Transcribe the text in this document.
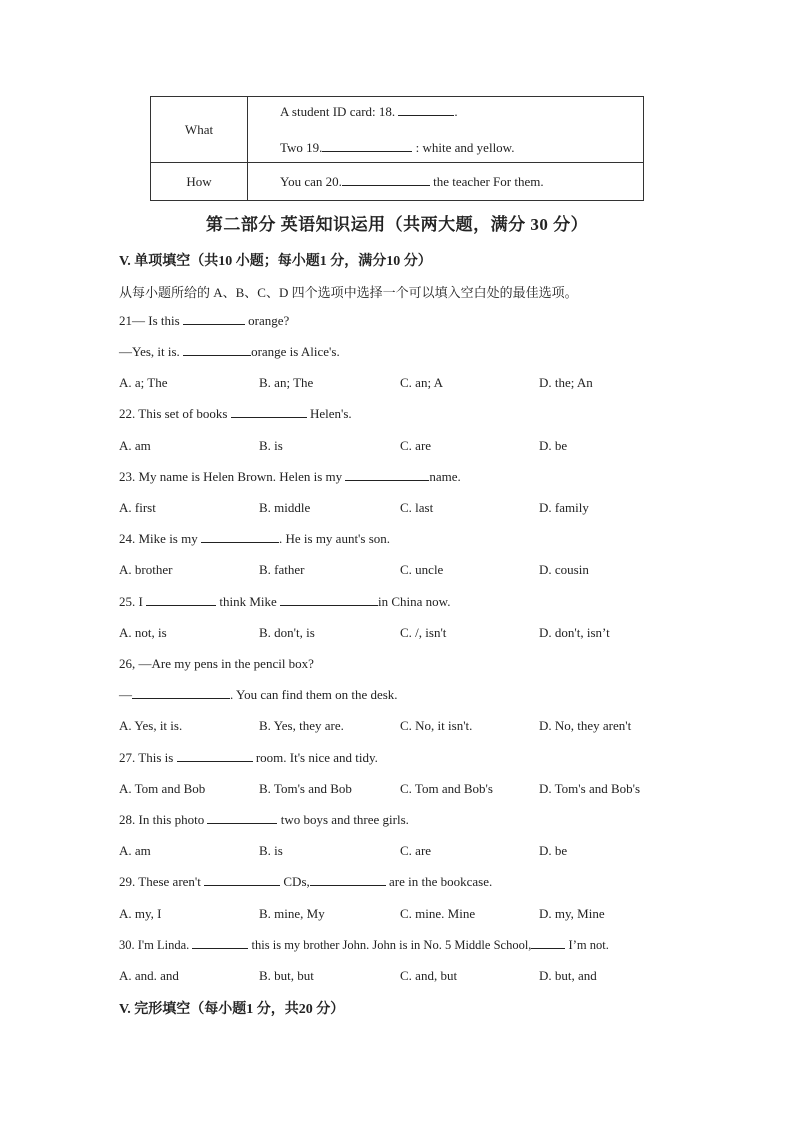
What	A student ID card: 18. .
Two 19. : white and yellow.

How	You can 20. the teacher For them.
第二部分 英语知识运用（共两大题，满分 30 分）
V. 单项填空（共10 小题；每小题1 分，满分10 分）
从每小题所给的 A、B、C、D 四个选项中选择一个可以填入空白处的最佳选项。
21— Is this	orange?
—Yes, it is.	orange is Alice's.
A. a; The	B. an; The	C. an; A	D. the; An
22. This set of books	Helen's.
A. am	B. is	C. are	D. be
23. My name is Helen Brown. Helen is my	name.
A. first	B. middle	C. last	D. family
24. Mike is my	. He is my aunt's son.
A. brother	B. father	C. uncle	D. cousin
25. I	think Mike	in China now.
A. not, is	B. don't, is	C. /, isn't	D. don't, isn’t
26, —Are my pens in the pencil box?
—	. You can find them on the desk.
A. Yes, it is.	B. Yes, they are.	C. No, it isn't.	D. No, they aren't
27. This is	room. It's nice and tidy.
A. Tom and Bob	B. Tom's and Bob	C. Tom and Bob's	D. Tom's and Bob's
28. In this photo	two boys and three girls.
A. am	B. is	C. are	D. be
29. These aren't	CDs,	are in the bookcase.
A. my, I	B. mine, My	C. mine. Mine	D. my, Mine
30. I'm Linda.	this is my brother John. John is in No. 5 Middle School,	I’m not.
A. and. and	B. but, but	C. and, but	D. but, and
V. 完形填空（每小题1 分，共20 分）
